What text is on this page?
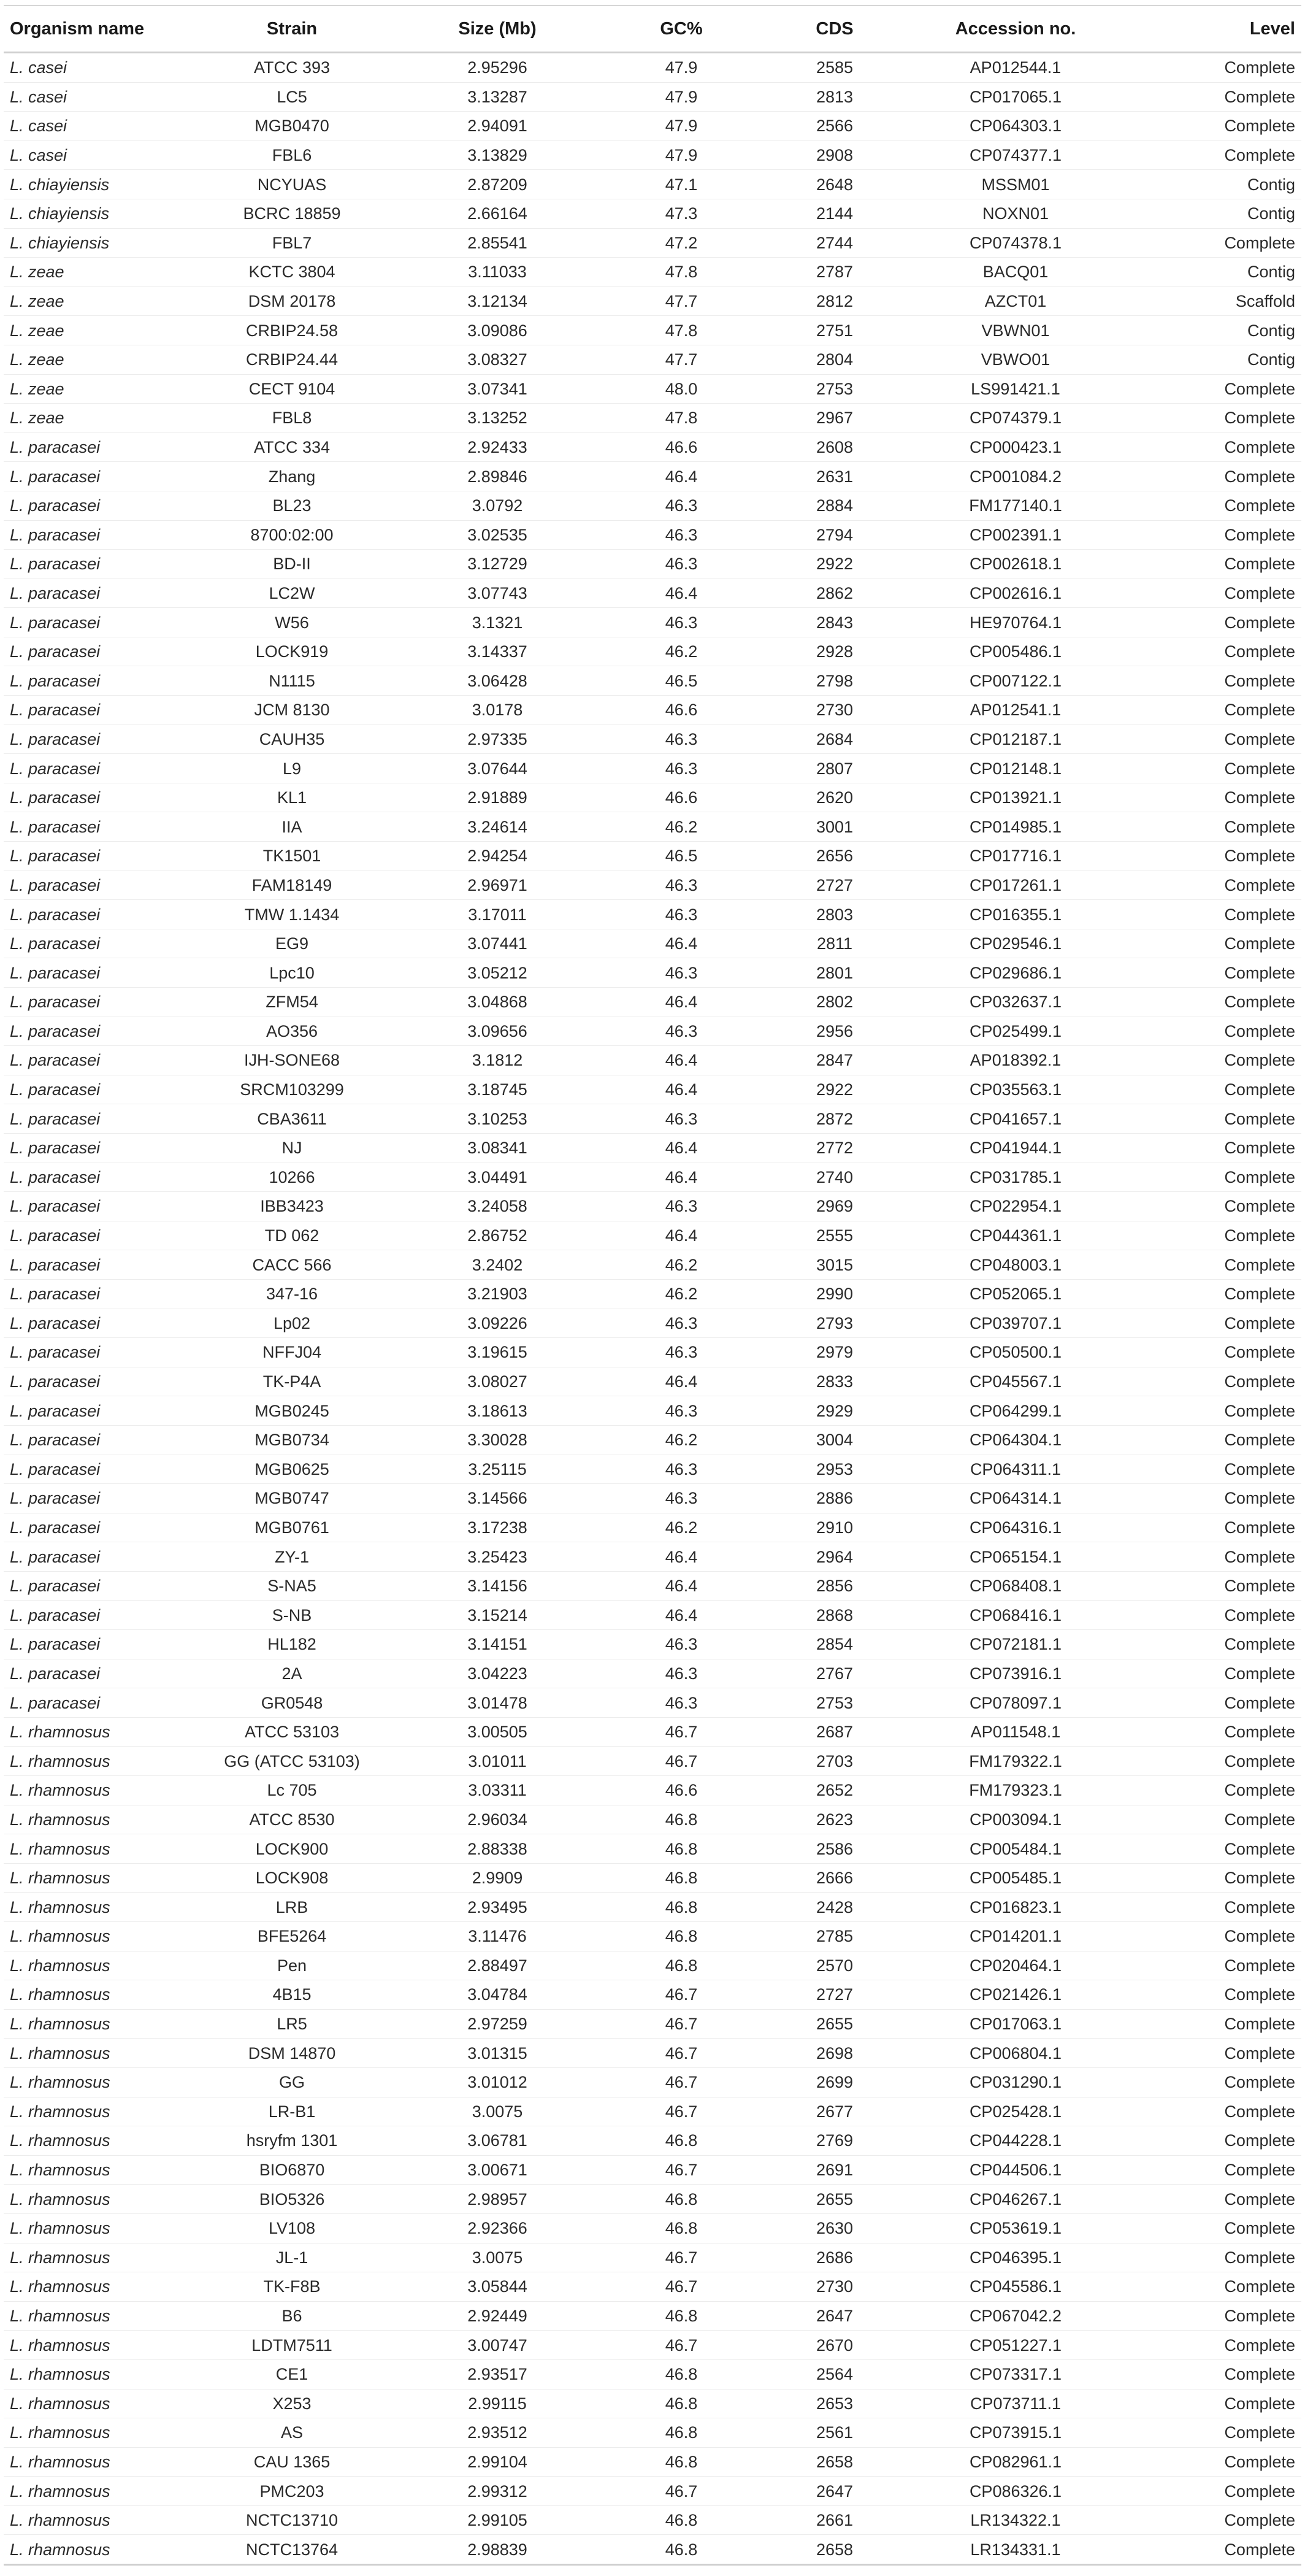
Organism name	Strain	Size (Mb)	GC%	CDS	Accession no.	Level
L. casei	ATCC 393	2.95296	47.9	2585	AP012544.1	Complete
L. casei	LC5	3.13287	47.9	2813	CP017065.1	Complete
L. casei	MGB0470	2.94091	47.9	2566	CP064303.1	Complete
L. casei	FBL6	3.13829	47.9	2908	CP074377.1	Complete
L. chiayiensis	NCYUAS	2.87209	47.1	2648	MSSM01	Contig
L. chiayiensis	BCRC 18859	2.66164	47.3	2144	NOXN01	Contig
L. chiayiensis	FBL7	2.85541	47.2	2744	CP074378.1	Complete
L. zeae	KCTC 3804	3.11033	47.8	2787	BACQ01	Contig
L. zeae	DSM 20178	3.12134	47.7	2812	AZCT01	Scaffold
L. zeae	CRBIP24.58	3.09086	47.8	2751	VBWN01	Contig
L. zeae	CRBIP24.44	3.08327	47.7	2804	VBWO01	Contig
L. zeae	CECT 9104	3.07341	48.0	2753	LS991421.1	Complete
L. zeae	FBL8	3.13252	47.8	2967	CP074379.1	Complete
L. paracasei	ATCC 334	2.92433	46.6	2608	CP000423.1	Complete
L. paracasei	Zhang	2.89846	46.4	2631	CP001084.2	Complete
L. paracasei	BL23	3.0792	46.3	2884	FM177140.1	Complete
L. paracasei	8700:02:00	3.02535	46.3	2794	CP002391.1	Complete
L. paracasei	BD-II	3.12729	46.3	2922	CP002618.1	Complete
L. paracasei	LC2W	3.07743	46.4	2862	CP002616.1	Complete
L. paracasei	W56	3.1321	46.3	2843	HE970764.1	Complete
L. paracasei	LOCK919	3.14337	46.2	2928	CP005486.1	Complete
L. paracasei	N1115	3.06428	46.5	2798	CP007122.1	Complete
L. paracasei	JCM 8130	3.0178	46.6	2730	AP012541.1	Complete
L. paracasei	CAUH35	2.97335	46.3	2684	CP012187.1	Complete
L. paracasei	L9	3.07644	46.3	2807	CP012148.1	Complete
L. paracasei	KL1	2.91889	46.6	2620	CP013921.1	Complete
L. paracasei	IIA	3.24614	46.2	3001	CP014985.1	Complete
L. paracasei	TK1501	2.94254	46.5	2656	CP017716.1	Complete
L. paracasei	FAM18149	2.96971	46.3	2727	CP017261.1	Complete
L. paracasei	TMW 1.1434	3.17011	46.3	2803	CP016355.1	Complete
L. paracasei	EG9	3.07441	46.4	2811	CP029546.1	Complete
L. paracasei	Lpc10	3.05212	46.3	2801	CP029686.1	Complete
L. paracasei	ZFM54	3.04868	46.4	2802	CP032637.1	Complete
L. paracasei	AO356	3.09656	46.3	2956	CP025499.1	Complete
L. paracasei	IJH-SONE68	3.1812	46.4	2847	AP018392.1	Complete
L. paracasei	SRCM103299	3.18745	46.4	2922	CP035563.1	Complete
L. paracasei	CBA3611	3.10253	46.3	2872	CP041657.1	Complete
L. paracasei	NJ	3.08341	46.4	2772	CP041944.1	Complete
L. paracasei	10266	3.04491	46.4	2740	CP031785.1	Complete
L. paracasei	IBB3423	3.24058	46.3	2969	CP022954.1	Complete
L. paracasei	TD 062	2.86752	46.4	2555	CP044361.1	Complete
L. paracasei	CACC 566	3.2402	46.2	3015	CP048003.1	Complete
L. paracasei	347-16	3.21903	46.2	2990	CP052065.1	Complete
L. paracasei	Lp02	3.09226	46.3	2793	CP039707.1	Complete
L. paracasei	NFFJ04	3.19615	46.3	2979	CP050500.1	Complete
L. paracasei	TK-P4A	3.08027	46.4	2833	CP045567.1	Complete
L. paracasei	MGB0245	3.18613	46.3	2929	CP064299.1	Complete
L. paracasei	MGB0734	3.30028	46.2	3004	CP064304.1	Complete
L. paracasei	MGB0625	3.25115	46.3	2953	CP064311.1	Complete
L. paracasei	MGB0747	3.14566	46.3	2886	CP064314.1	Complete
L. paracasei	MGB0761	3.17238	46.2	2910	CP064316.1	Complete
L. paracasei	ZY-1	3.25423	46.4	2964	CP065154.1	Complete
L. paracasei	S-NA5	3.14156	46.4	2856	CP068408.1	Complete
L. paracasei	S-NB	3.15214	46.4	2868	CP068416.1	Complete
L. paracasei	HL182	3.14151	46.3	2854	CP072181.1	Complete
L. paracasei	2A	3.04223	46.3	2767	CP073916.1	Complete
L. paracasei	GR0548	3.01478	46.3	2753	CP078097.1	Complete
L. rhamnosus	ATCC 53103	3.00505	46.7	2687	AP011548.1	Complete
L. rhamnosus	GG (ATCC 53103)	3.01011	46.7	2703	FM179322.1	Complete
L. rhamnosus	Lc 705	3.03311	46.6	2652	FM179323.1	Complete
L. rhamnosus	ATCC 8530	2.96034	46.8	2623	CP003094.1	Complete
L. rhamnosus	LOCK900	2.88338	46.8	2586	CP005484.1	Complete
L. rhamnosus	LOCK908	2.9909	46.8	2666	CP005485.1	Complete
L. rhamnosus	LRB	2.93495	46.8	2428	CP016823.1	Complete
L. rhamnosus	BFE5264	3.11476	46.8	2785	CP014201.1	Complete
L. rhamnosus	Pen	2.88497	46.8	2570	CP020464.1	Complete
L. rhamnosus	4B15	3.04784	46.7	2727	CP021426.1	Complete
L. rhamnosus	LR5	2.97259	46.7	2655	CP017063.1	Complete
L. rhamnosus	DSM 14870	3.01315	46.7	2698	CP006804.1	Complete
L. rhamnosus	GG	3.01012	46.7	2699	CP031290.1	Complete
L. rhamnosus	LR-B1	3.0075	46.7	2677	CP025428.1	Complete
L. rhamnosus	hsryfm 1301	3.06781	46.8	2769	CP044228.1	Complete
L. rhamnosus	BIO6870	3.00671	46.7	2691	CP044506.1	Complete
L. rhamnosus	BIO5326	2.98957	46.8	2655	CP046267.1	Complete
L. rhamnosus	LV108	2.92366	46.8	2630	CP053619.1	Complete
L. rhamnosus	JL-1	3.0075	46.7	2686	CP046395.1	Complete
L. rhamnosus	TK-F8B	3.05844	46.7	2730	CP045586.1	Complete
L. rhamnosus	B6	2.92449	46.8	2647	CP067042.2	Complete
L. rhamnosus	LDTM7511	3.00747	46.7	2670	CP051227.1	Complete
L. rhamnosus	CE1	2.93517	46.8	2564	CP073317.1	Complete
L. rhamnosus	X253	2.99115	46.8	2653	CP073711.1	Complete
L. rhamnosus	AS	2.93512	46.8	2561	CP073915.1	Complete
L. rhamnosus	CAU 1365	2.99104	46.8	2658	CP082961.1	Complete
L. rhamnosus	PMC203	2.99312	46.7	2647	CP086326.1	Complete
L. rhamnosus	NCTC13710	2.99105	46.8	2661	LR134322.1	Complete
L. rhamnosus	NCTC13764	2.98839	46.8	2658	LR134331.1	Complete
